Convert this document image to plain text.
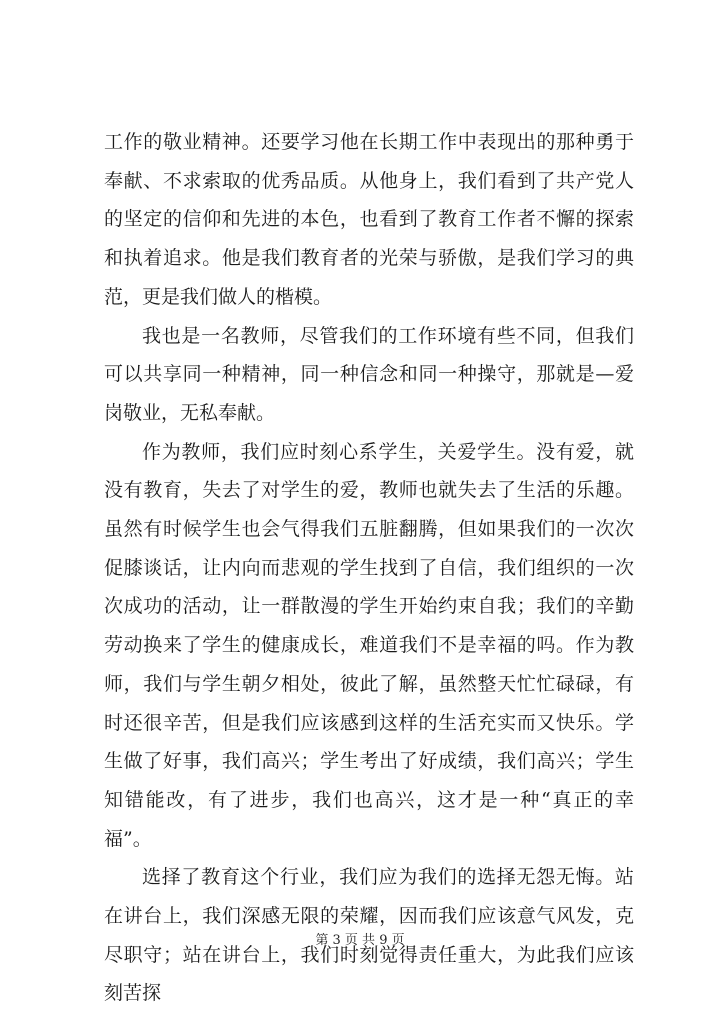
工作的敬业精神。还要学习他在长期工作中表现出的那种勇于奉献、不求索取的优秀品质。从他身上，我们看到了共产党人的坚定的信仰和先进的本色，也看到了教育工作者不懈的探索和执着追求。他是我们教育者的光荣与骄傲，是我们学习的典范，更是我们做人的楷模。

我也是一名教师，尽管我们的工作环境有些不同，但我们可以共享同一种精神，同一种信念和同一种操守，那就是—爱岗敬业，无私奉献。

作为教师，我们应时刻心系学生，关爱学生。没有爱，就没有教育，失去了对学生的爱，教师也就失去了生活的乐趣。虽然有时候学生也会气得我们五脏翻腾，但如果我们的一次次促膝谈话，让内向而悲观的学生找到了自信，我们组织的一次次成功的活动，让一群散漫的学生开始约束自我；我们的辛勤劳动换来了学生的健康成长，难道我们不是幸福的吗。作为教师，我们与学生朝夕相处，彼此了解，虽然整天忙忙碌碌，有时还很辛苦，但是我们应该感到这样的生活充实而又快乐。学生做了好事，我们高兴；学生考出了好成绩，我们高兴；学生知错能改，有了进步，我们也高兴，这才是一种“真正的幸福”。

选择了教育这个行业，我们应为我们的选择无怨无悔。站在讲台上，我们深感无限的荣耀，因而我们应该意气风发，克尽职守；站在讲台上，我们时刻觉得责任重大，为此我们应该刻苦探

第 3 页 共 9 页
